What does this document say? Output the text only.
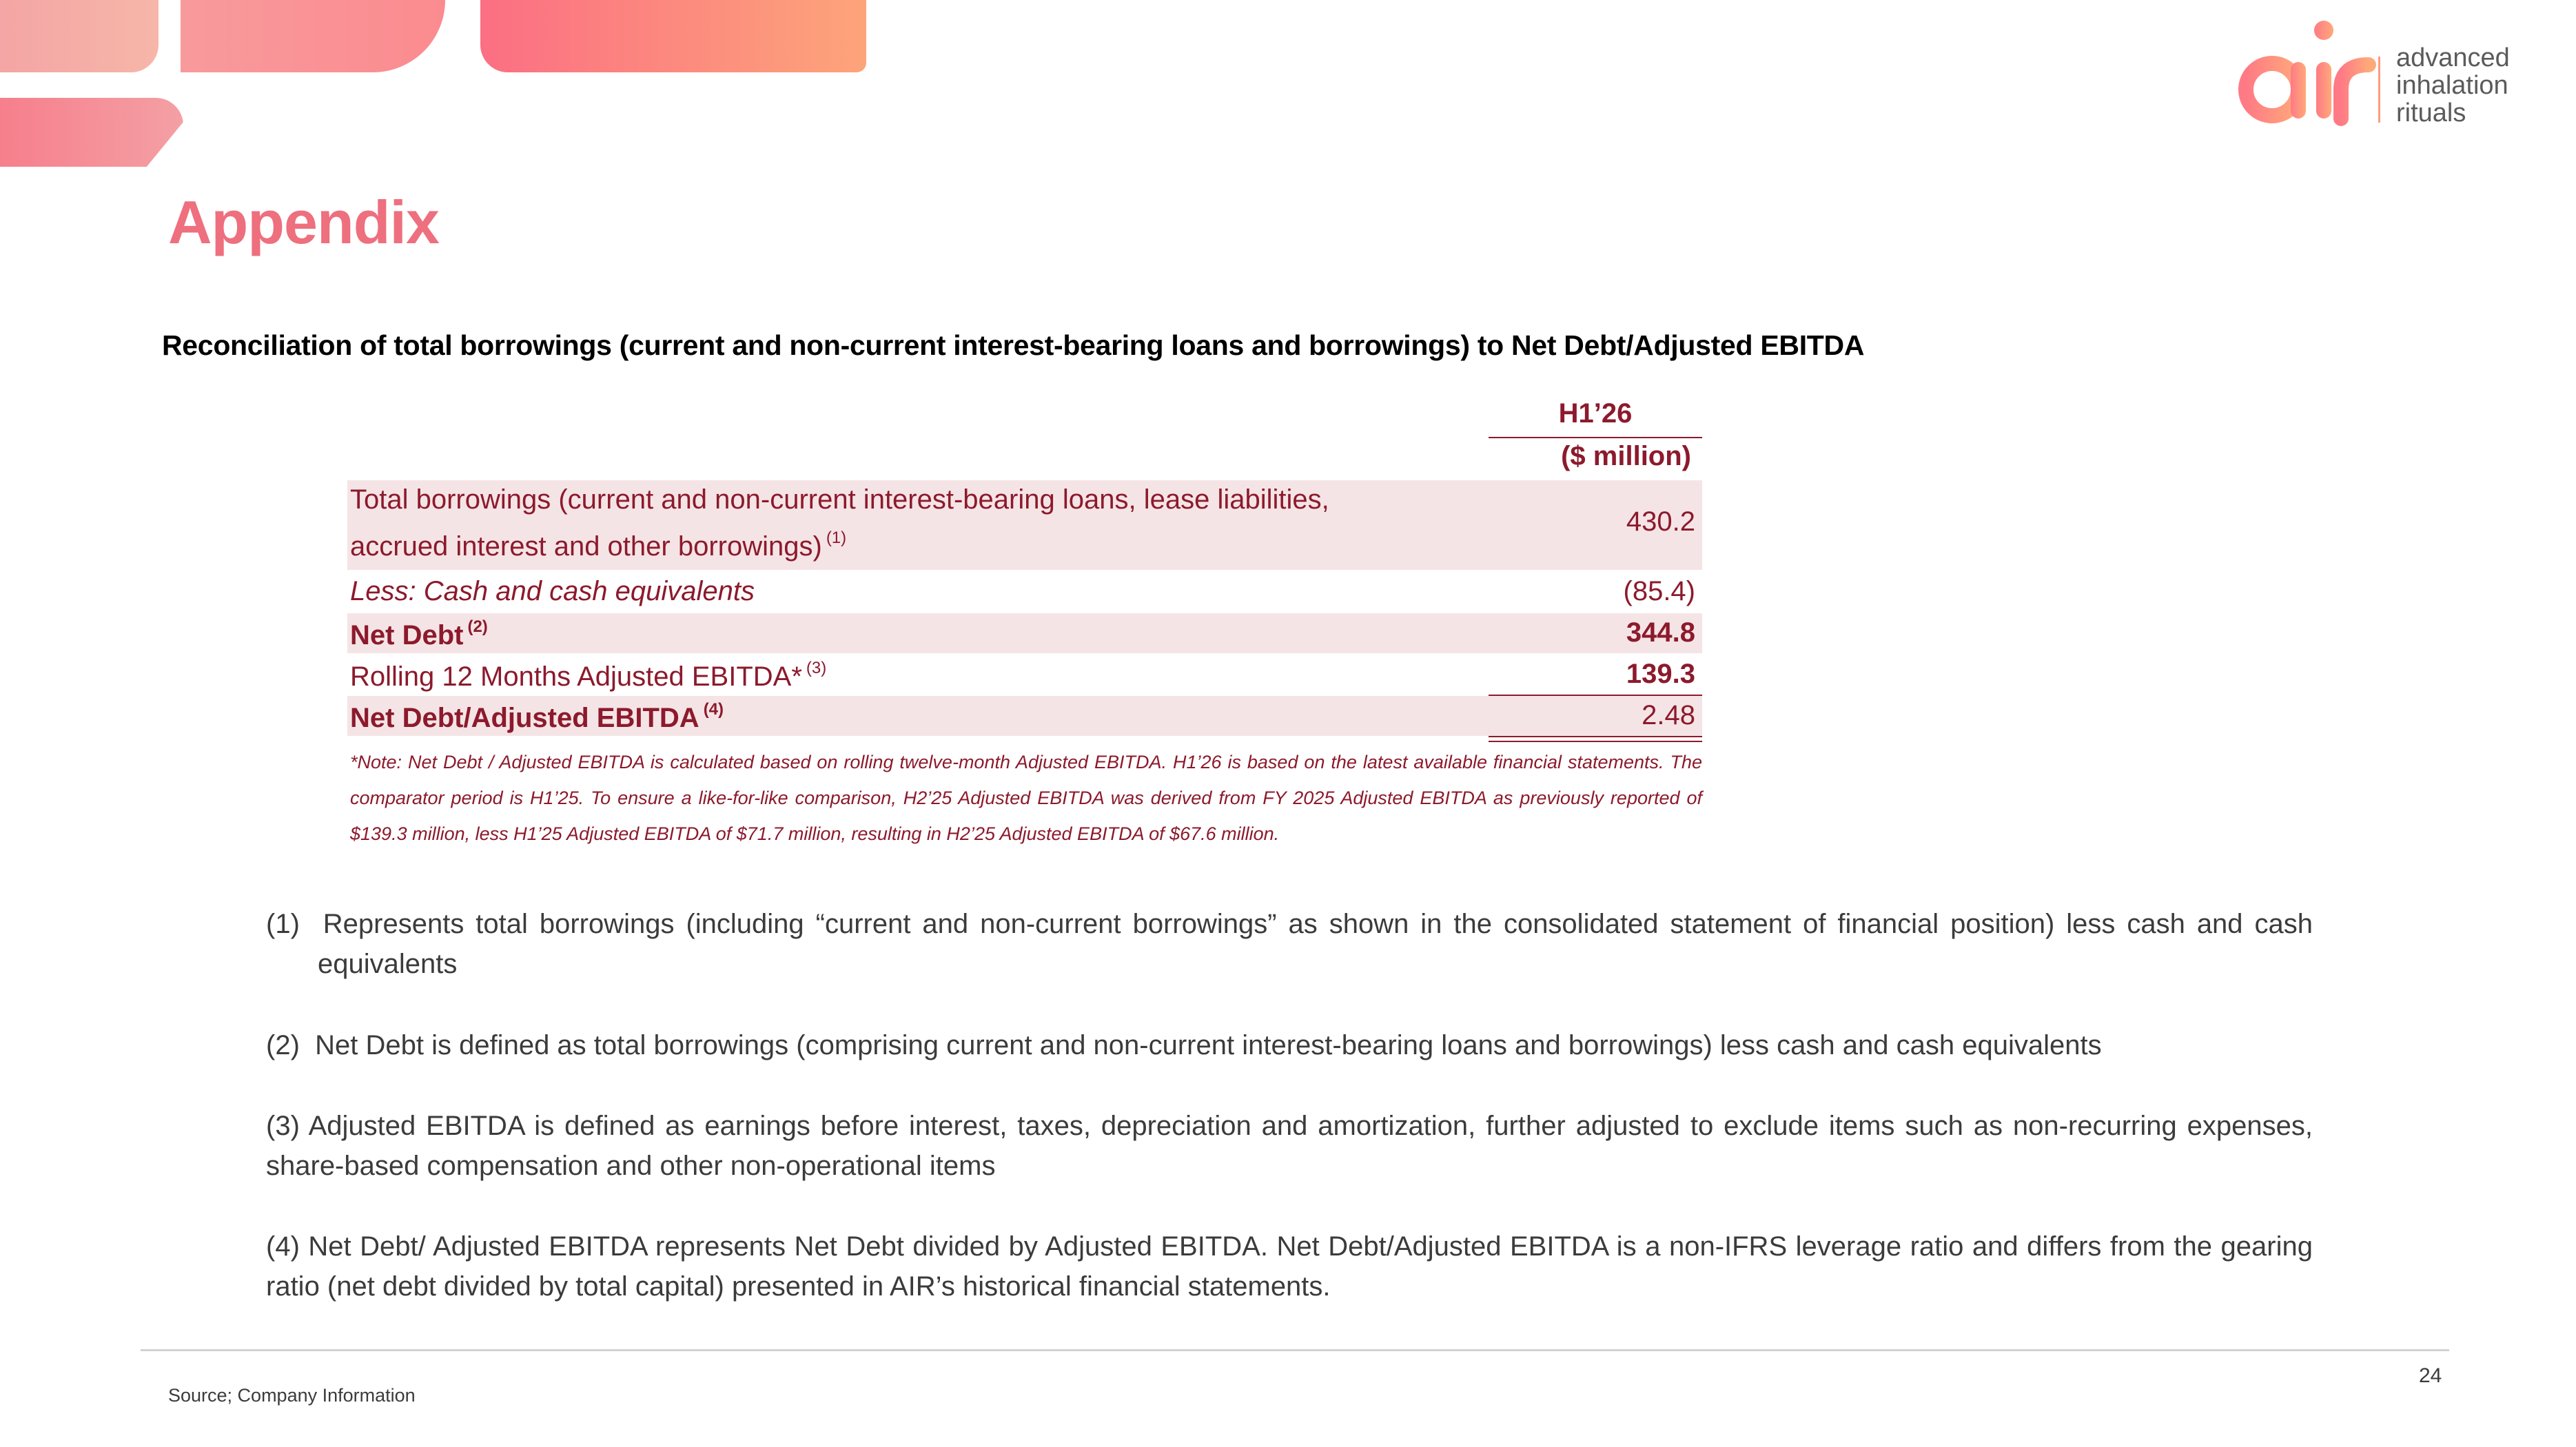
advanced
inhalation
rituals
Appendix
Reconciliation of total borrowings (current and non-current interest-bearing loans and borrowings) to Net Debt/Adjusted EBITDA
H1’26
($ million)
Total borrowings (current and non-current interest-bearing loans, lease liabilities,
accrued interest and other borrowings) $^{(1)}$
430.2
Less: Cash and cash equivalents	(85.4)
Net Debt $^{(2)}$	344.8
Rolling 12 Months Adjusted EBITDA* $^{(3)}$	139.3
Net Debt/Adjusted EBITDA $^{(4)}$	2.48
*Note: Net Debt / Adjusted EBITDA is calculated based on rolling twelve-month Adjusted EBITDA. H1’26 is based on the latest available financial statements. The comparator period is H1’25. To ensure a like-for-like comparison, H2’25 Adjusted EBITDA was derived from FY 2025 Adjusted EBITDA as previously reported of $139.3 million, less H1’25 Adjusted EBITDA of $71.7 million, resulting in H2’25 Adjusted EBITDA of $67.6 million.
(1)  Represents total borrowings (including “current and non-current borrowings” as shown in the consolidated statement of financial position) less cash and cash equivalents
(2)  Net Debt is defined as total borrowings (comprising current and non-current interest-bearing loans and borrowings) less cash and cash equivalents
(3) Adjusted EBITDA is defined as earnings before interest, taxes, depreciation and amortization, further adjusted to exclude items such as non-recurring expenses, share-based compensation and other non-operational items
(4) Net Debt/ Adjusted EBITDA represents Net Debt divided by Adjusted EBITDA. Net Debt/Adjusted EBITDA is a non-IFRS leverage ratio and differs from the gearing ratio (net debt divided by total capital) presented in AIR’s historical financial statements.
Source; Company Information
24
